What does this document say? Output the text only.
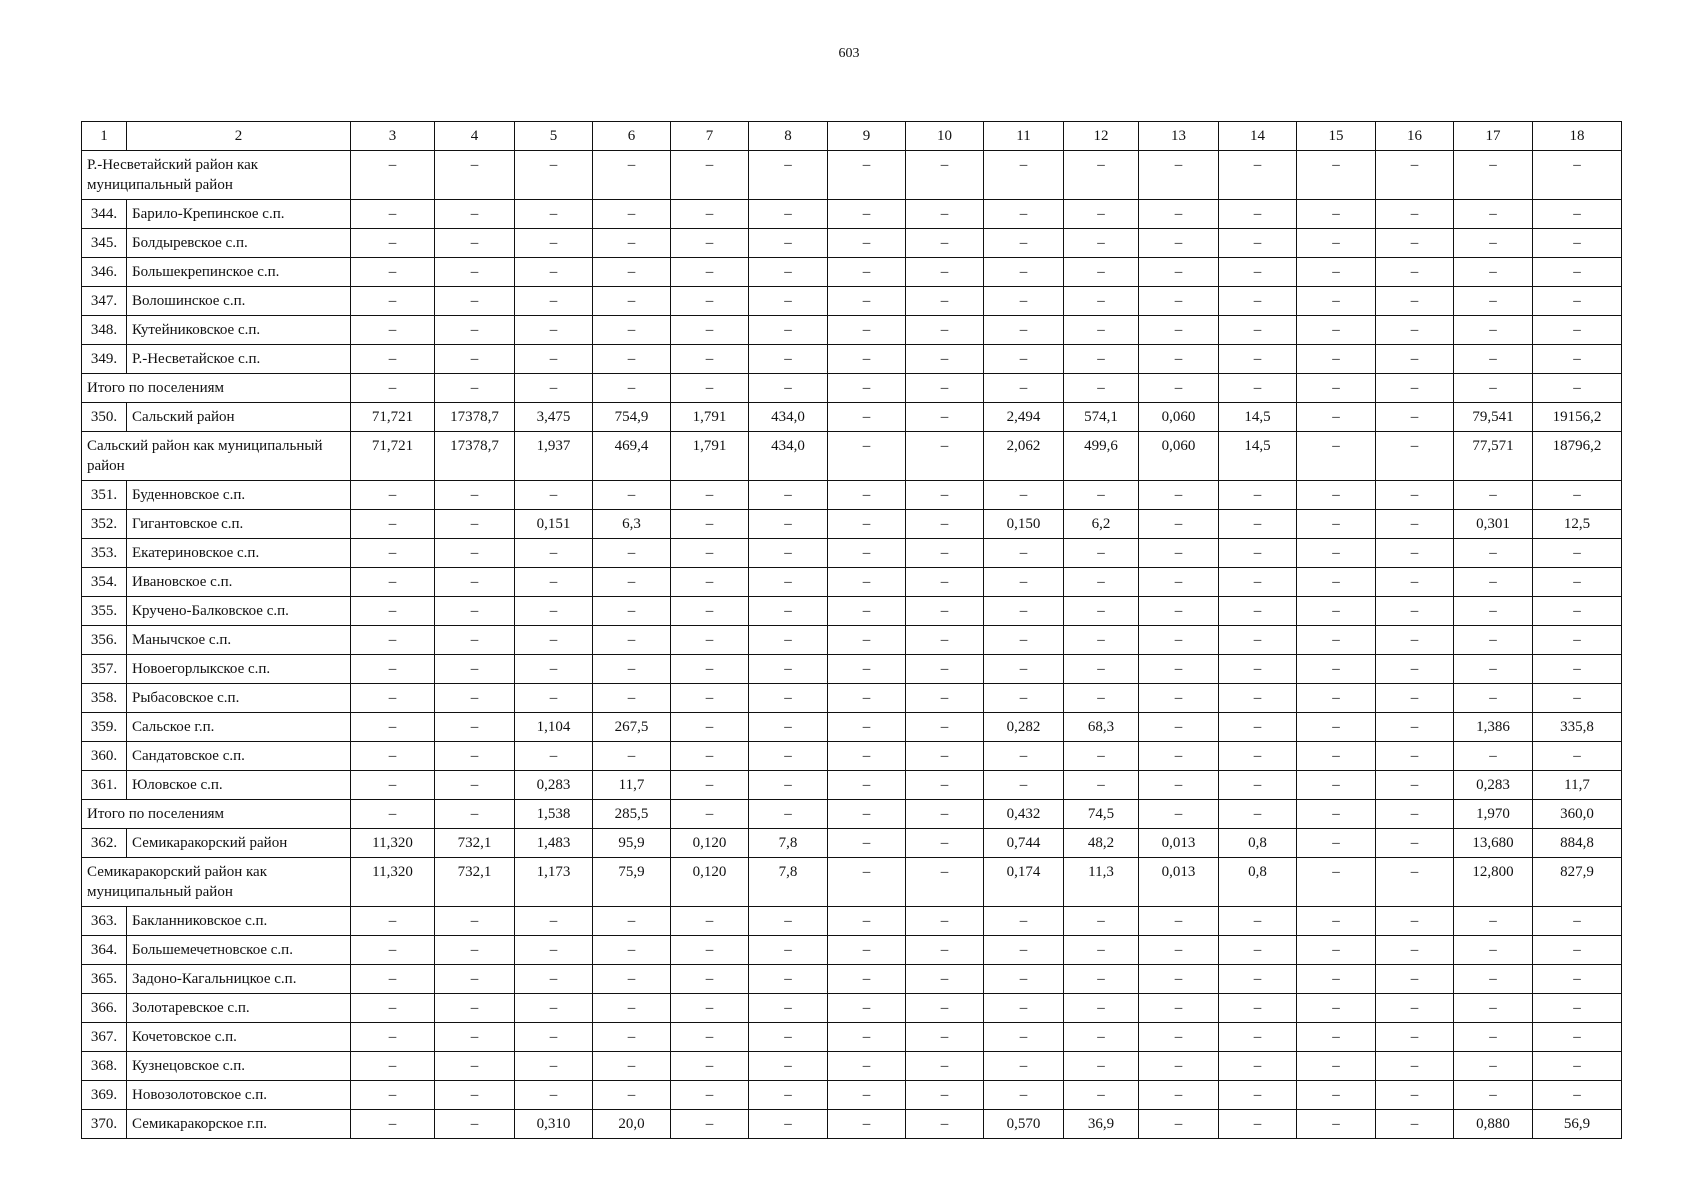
603
1	2	3	4	5	6	7	8	9	10	11	12	13	14	15	16	17	18
Р.-Несветайский район как муниципальный район		–	–	–	–	–	–	–	–	–	–	–	–	–	–	–	–
344.	Барило-Крепинское с.п.	–	–	–	–	–	–	–	–	–	–	–	–	–	–	–	–
345.	Болдыревское с.п.	–	–	–	–	–	–	–	–	–	–	–	–	–	–	–	–
346.	Большекрепинское с.п.	–	–	–	–	–	–	–	–	–	–	–	–	–	–	–	–
347.	Волошинское с.п.	–	–	–	–	–	–	–	–	–	–	–	–	–	–	–	–
348.	Кутейниковское с.п.	–	–	–	–	–	–	–	–	–	–	–	–	–	–	–	–
349.	Р.-Несветайское с.п.	–	–	–	–	–	–	–	–	–	–	–	–	–	–	–	–
Итого по поселениям		–	–	–	–	–	–	–	–	–	–	–	–	–	–	–	–
350.	Сальский район	71,721	17378,7	3,475	754,9	1,791	434,0	–	–	2,494	574,1	0,060	14,5	–	–	79,541	19156,2
Сальский район как муниципальный район		71,721	17378,7	1,937	469,4	1,791	434,0	–	–	2,062	499,6	0,060	14,5	–	–	77,571	18796,2
351.	Буденновское с.п.	–	–	–	–	–	–	–	–	–	–	–	–	–	–	–	–
352.	Гигантовское с.п.	–	–	0,151	6,3	–	–	–	–	0,150	6,2	–	–	–	–	0,301	12,5
353.	Екатериновское с.п.	–	–	–	–	–	–	–	–	–	–	–	–	–	–	–	–
354.	Ивановское с.п.	–	–	–	–	–	–	–	–	–	–	–	–	–	–	–	–
355.	Кручено-Балковское с.п.	–	–	–	–	–	–	–	–	–	–	–	–	–	–	–	–
356.	Манычское с.п.	–	–	–	–	–	–	–	–	–	–	–	–	–	–	–	–
357.	Новоегорлыкское с.п.	–	–	–	–	–	–	–	–	–	–	–	–	–	–	–	–
358.	Рыбасовское с.п.	–	–	–	–	–	–	–	–	–	–	–	–	–	–	–	–
359.	Сальское г.п.	–	–	1,104	267,5	–	–	–	–	0,282	68,3	–	–	–	–	1,386	335,8
360.	Сандатовское с.п.	–	–	–	–	–	–	–	–	–	–	–	–	–	–	–	–
361.	Юловское с.п.	–	–	0,283	11,7	–	–	–	–	–	–	–	–	–	–	0,283	11,7
Итого по поселениям		–	–	1,538	285,5	–	–	–	–	0,432	74,5	–	–	–	–	1,970	360,0
362.	Семикаракорский район	11,320	732,1	1,483	95,9	0,120	7,8	–	–	0,744	48,2	0,013	0,8	–	–	13,680	884,8
Семикаракорский район как муниципальный район		11,320	732,1	1,173	75,9	0,120	7,8	–	–	0,174	11,3	0,013	0,8	–	–	12,800	827,9
363.	Бакланниковское с.п.	–	–	–	–	–	–	–	–	–	–	–	–	–	–	–	–
364.	Большемечетновское с.п.	–	–	–	–	–	–	–	–	–	–	–	–	–	–	–	–
365.	Задоно-Кагальницкое с.п.	–	–	–	–	–	–	–	–	–	–	–	–	–	–	–	–
366.	Золотаревское с.п.	–	–	–	–	–	–	–	–	–	–	–	–	–	–	–	–
367.	Кочетовское с.п.	–	–	–	–	–	–	–	–	–	–	–	–	–	–	–	–
368.	Кузнецовское с.п.	–	–	–	–	–	–	–	–	–	–	–	–	–	–	–	–
369.	Новозолотовское с.п.	–	–	–	–	–	–	–	–	–	–	–	–	–	–	–	–
370.	Семикаракорское г.п.	–	–	0,310	20,0	–	–	–	–	0,570	36,9	–	–	–	–	0,880	56,9
